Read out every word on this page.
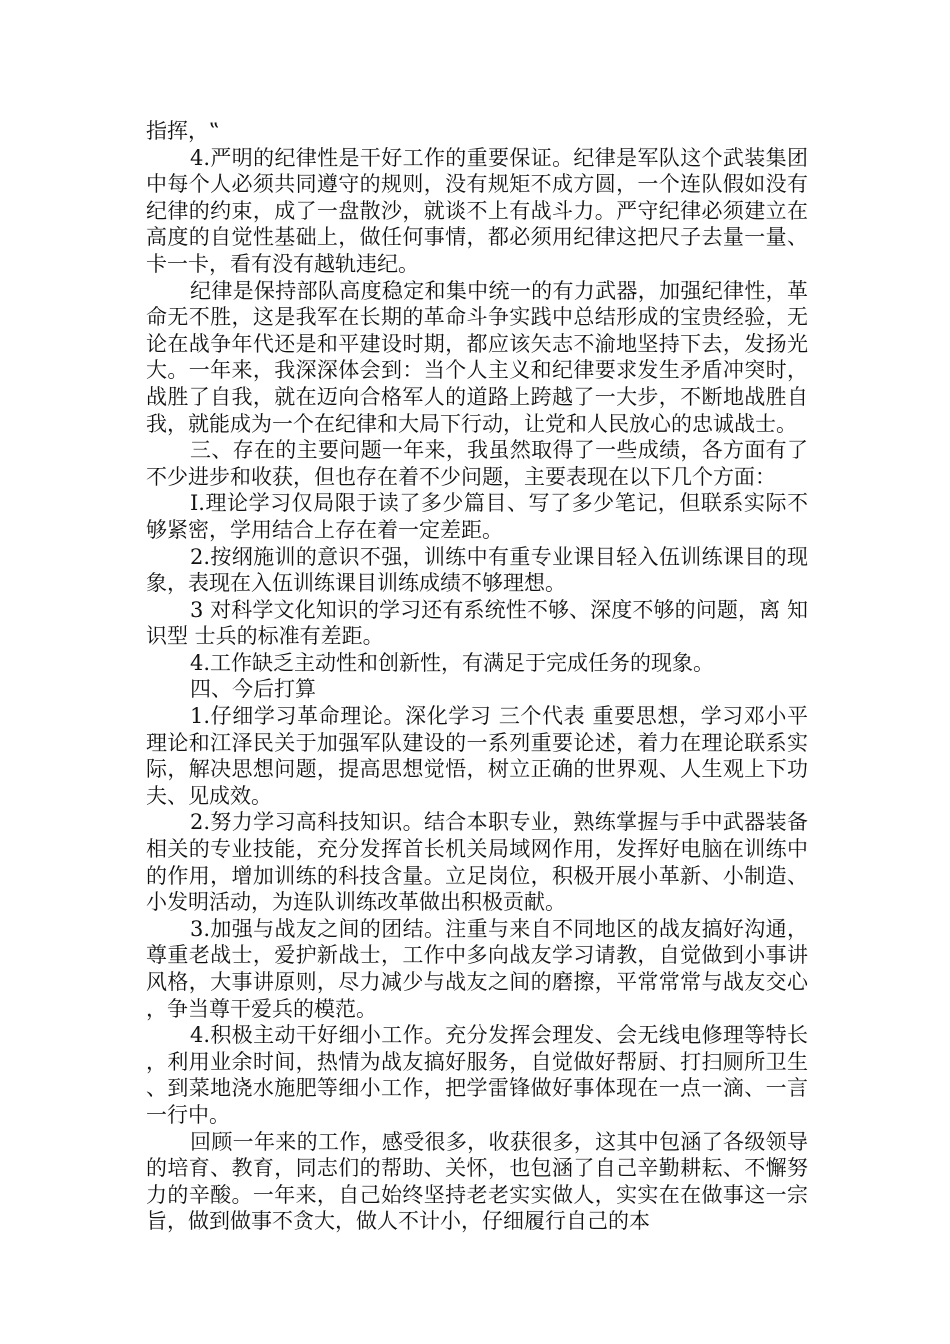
指挥，‟

4.严明的纪律性是干好工作的重要保证。纪律是军队这个武装集团中每个人必须共同遵守的规则，没有规矩不成方圆，一个连队假如没有纪律的约束，成了一盘散沙，就谈不上有战斗力。严守纪律必须建立在高度的自觉性基础上，做任何事情，都必须用纪律这把尺子去量一量、卡一卡，看有没有越轨违纪。

纪律是保持部队高度稳定和集中统一的有力武器，加强纪律性，革命无不胜，这是我军在长期的革命斗争实践中总结形成的宝贵经验，无论在战争年代还是和平建设时期，都应该矢志不渝地坚持下去，发扬光大。一年来，我深深体会到：当个人主义和纪律要求发生矛盾冲突时，战胜了自我，就在迈向合格军人的道路上跨越了一大步，不断地战胜自我，就能成为一个在纪律和大局下行动，让党和人民放心的忠诚战士。

三、存在的主要问题一年来，我虽然取得了一些成绩，各方面有了不少进步和收获，但也存在着不少问题，主要表现在以下几个方面：

I.理论学习仅局限于读了多少篇目、写了多少笔记，但联系实际不够紧密，学用结合上存在着一定差距。

2.按纲施训的意识不强，训练中有重专业课目轻入伍训练课目的现象，表现在入伍训练课目训练成绩不够理想。

3 对科学文化知识的学习还有系统性不够、深度不够的问题，离 知识型 士兵的标准有差距。

4.工作缺乏主动性和创新性，有满足于完成任务的现象。

四、今后打算

1.仔细学习革命理论。深化学习 三个代表 重要思想，学习邓小平理论和江泽民关于加强军队建设的一系列重要论述，着力在理论联系实际，解决思想问题，提高思想觉悟，树立正确的世界观、人生观上下功夫、见成效。

2.努力学习高科技知识。结合本职专业，熟练掌握与手中武器装备相关的专业技能，充分发挥首长机关局域网作用，发挥好电脑在训练中的作用，增加训练的科技含量。立足岗位，积极开展小革新、小制造、小发明活动，为连队训练改革做出积极贡献。

3.加强与战友之间的团结。注重与来自不同地区的战友搞好沟通，尊重老战士，爱护新战士，工作中多向战友学习请教，自觉做到小事讲风格，大事讲原则，尽力减少与战友之间的磨擦，平常常常与战友交心，争当尊干爱兵的模范。

4.积极主动干好细小工作。充分发挥会理发、会无线电修理等特长，利用业余时间，热情为战友搞好服务，自觉做好帮厨、打扫厕所卫生、到菜地浇水施肥等细小工作，把学雷锋做好事体现在一点一滴、一言一行中。

回顾一年来的工作，感受很多，收获很多，这其中包涵了各级领导的培育、教育，同志们的帮助、关怀，也包涵了自己辛勤耕耘、不懈努力的辛酸。一年来，自己始终坚持老老实实做人，实实在在做事这一宗旨，做到做事不贪大，做人不计小，仔细履行自己的本
